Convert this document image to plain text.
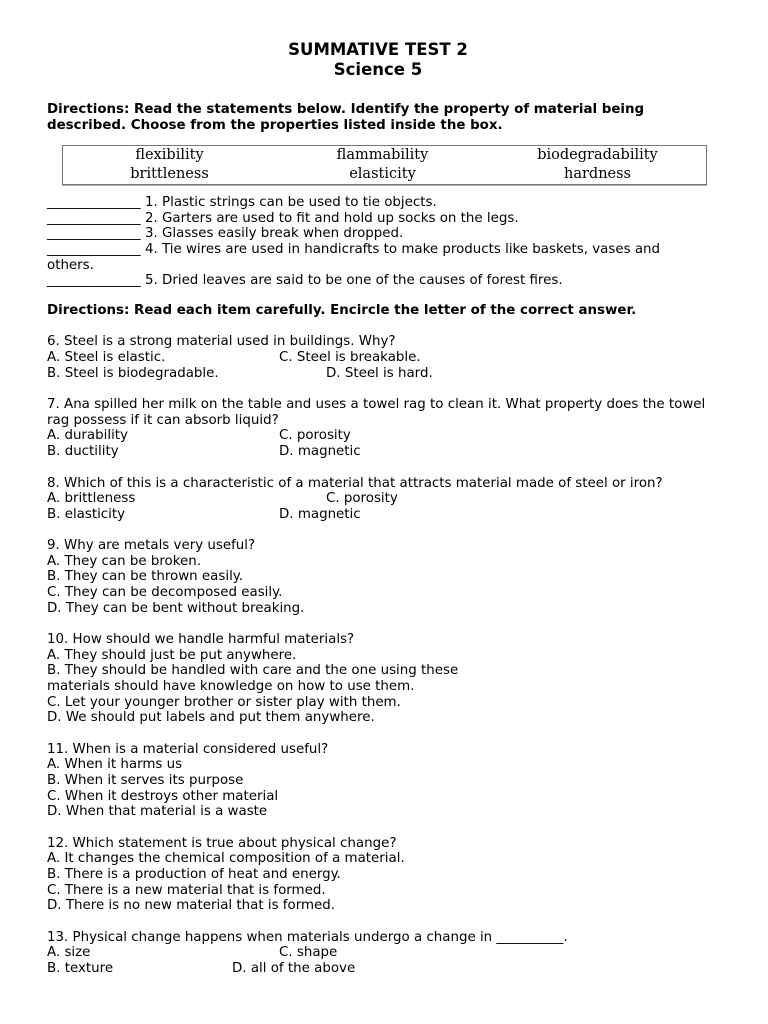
SUMMATIVE TEST 2
Science 5
Directions: Read the statements below. Identify the property of material being described. Choose from the properties listed inside the box.
flexibility	flammability	biodegradability
brittleness	elasticity	hardness
______________ 1. Plastic strings can be used to tie objects.
______________ 2. Garters are used to fit and hold up socks on the legs.
______________ 3. Glasses easily break when dropped.
______________ 4. Tie wires are used in handicrafts to make products like baskets, vases and
others.
______________ 5. Dried leaves are said to be one of the causes of forest fires.
Directions: Read each item carefully. Encircle the letter of the correct answer.
6. Steel is a strong material used in buildings. Why?
A. Steel is elastic.	C. Steel is breakable.
B. Steel is biodegradable.	D. Steel is hard.
7. Ana spilled her milk on the table and uses a towel rag to clean it. What property does the towel rag possess if it can absorb liquid?
A. durability	C. porosity
B. ductility	D. magnetic
8. Which of this is a characteristic of a material that attracts material made of steel or iron?
A. brittleness	C. porosity
B. elasticity	D. magnetic
9. Why are metals very useful?
A. They can be broken.
B. They can be thrown easily.
C. They can be decomposed easily.
D. They can be bent without breaking.
10. How should we handle harmful materials?
A. They should just be put anywhere.
B. They should be handled with care and the one using these
materials should have knowledge on how to use them.
C. Let your younger brother or sister play with them.
D. We should put labels and put them anywhere.
11. When is a material considered useful?
A. When it harms us
B. When it serves its purpose
C. When it destroys other material
D. When that material is a waste
12. Which statement is true about physical change?
A. It changes the chemical composition of a material.
B. There is a production of heat and energy.
C. There is a new material that is formed.
D. There is no new material that is formed.
13. Physical change happens when materials undergo a change in __________.
A. size	C. shape
B. texture	D. all of the above
